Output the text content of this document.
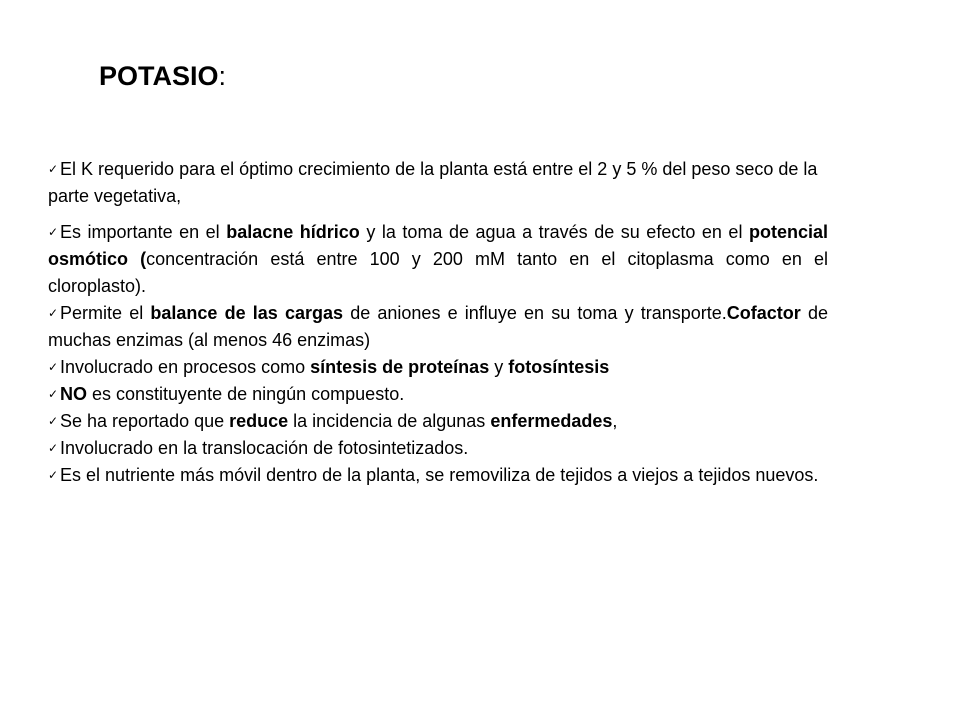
POTASIO:

✓ El K requerido para el óptimo crecimiento de la planta está entre el 2 y 5 % del peso seco de la parte vegetativa,

✓ Es importante en el balacne hídrico y la toma de agua a través de su efecto en el potencial osmótico (concentración está entre 100 y 200 mM tanto en el citoplasma como en el cloroplasto).

✓ Permite el balance de las cargas de aniones e influye en su toma y transporte.Cofactor de muchas enzimas (al menos 46 enzimas)

✓ Involucrado en procesos como síntesis de proteínas y fotosíntesis

✓ NO es constituyente de ningún compuesto.

✓ Se ha reportado que reduce la incidencia de algunas enfermedades,

✓ Involucrado en la translocación de fotosintetizados.

✓ Es el nutriente más móvil dentro de la planta, se removiliza de tejidos a viejos a tejidos nuevos.
